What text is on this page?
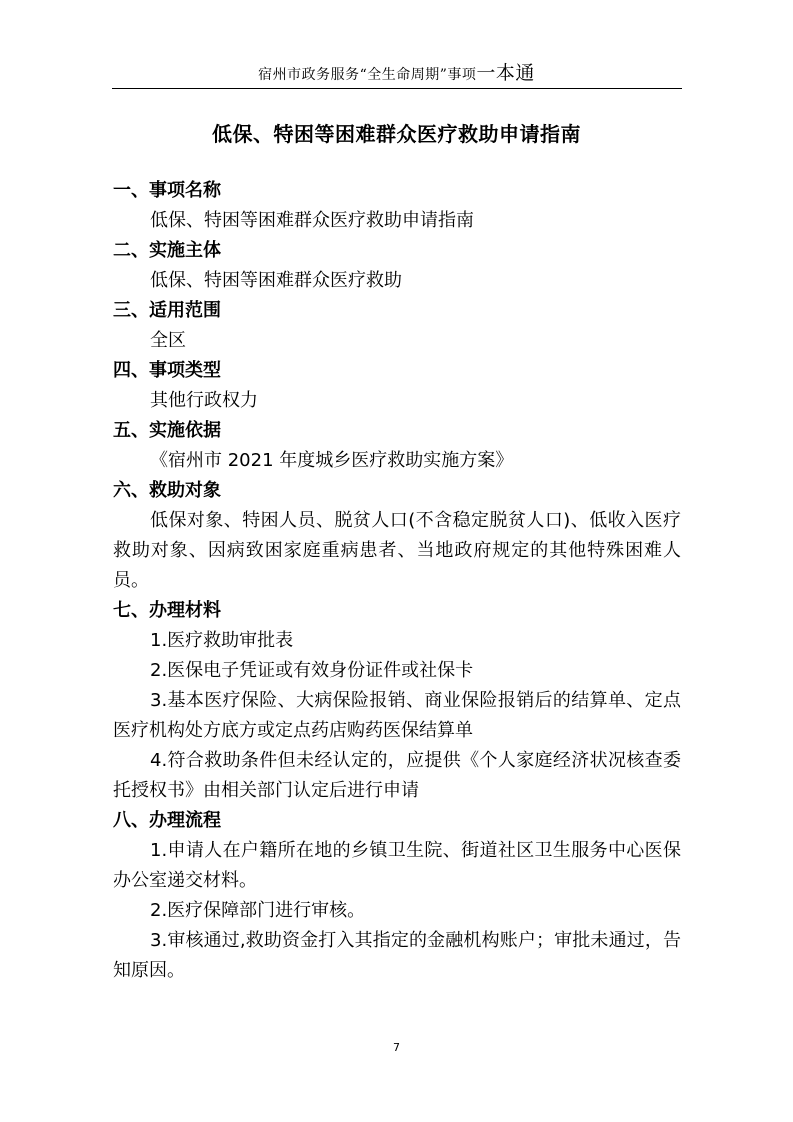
宿州市政务服务“全生命周期”事项一本通
低保、特困等困难群众医疗救助申请指南
一、事项名称
低保、特困等困难群众医疗救助申请指南
二、实施主体
低保、特困等困难群众医疗救助
三、适用范围
全区
四、事项类型
其他行政权力
五、实施依据
《宿州市 2021 年度城乡医疗救助实施方案》
六、救助对象
低保对象、特困人员、脱贫人口(不含稳定脱贫人口)、低收入医疗救助对象、因病致困家庭重病患者、当地政府规定的其他特殊困难人员。
七、办理材料
1.医疗救助审批表
2.医保电子凭证或有效身份证件或社保卡
3.基本医疗保险、大病保险报销、商业保险报销后的结算单、定点医疗机构处方底方或定点药店购药医保结算单
4.符合救助条件但未经认定的，应提供《个人家庭经济状况核查委托授权书》由相关部门认定后进行申请
八、办理流程
1.申请人在户籍所在地的乡镇卫生院、街道社区卫生服务中心医保办公室递交材料。
2.医疗保障部门进行审核。
3.审核通过,救助资金打入其指定的金融机构账户；审批未通过，告知原因。
7
